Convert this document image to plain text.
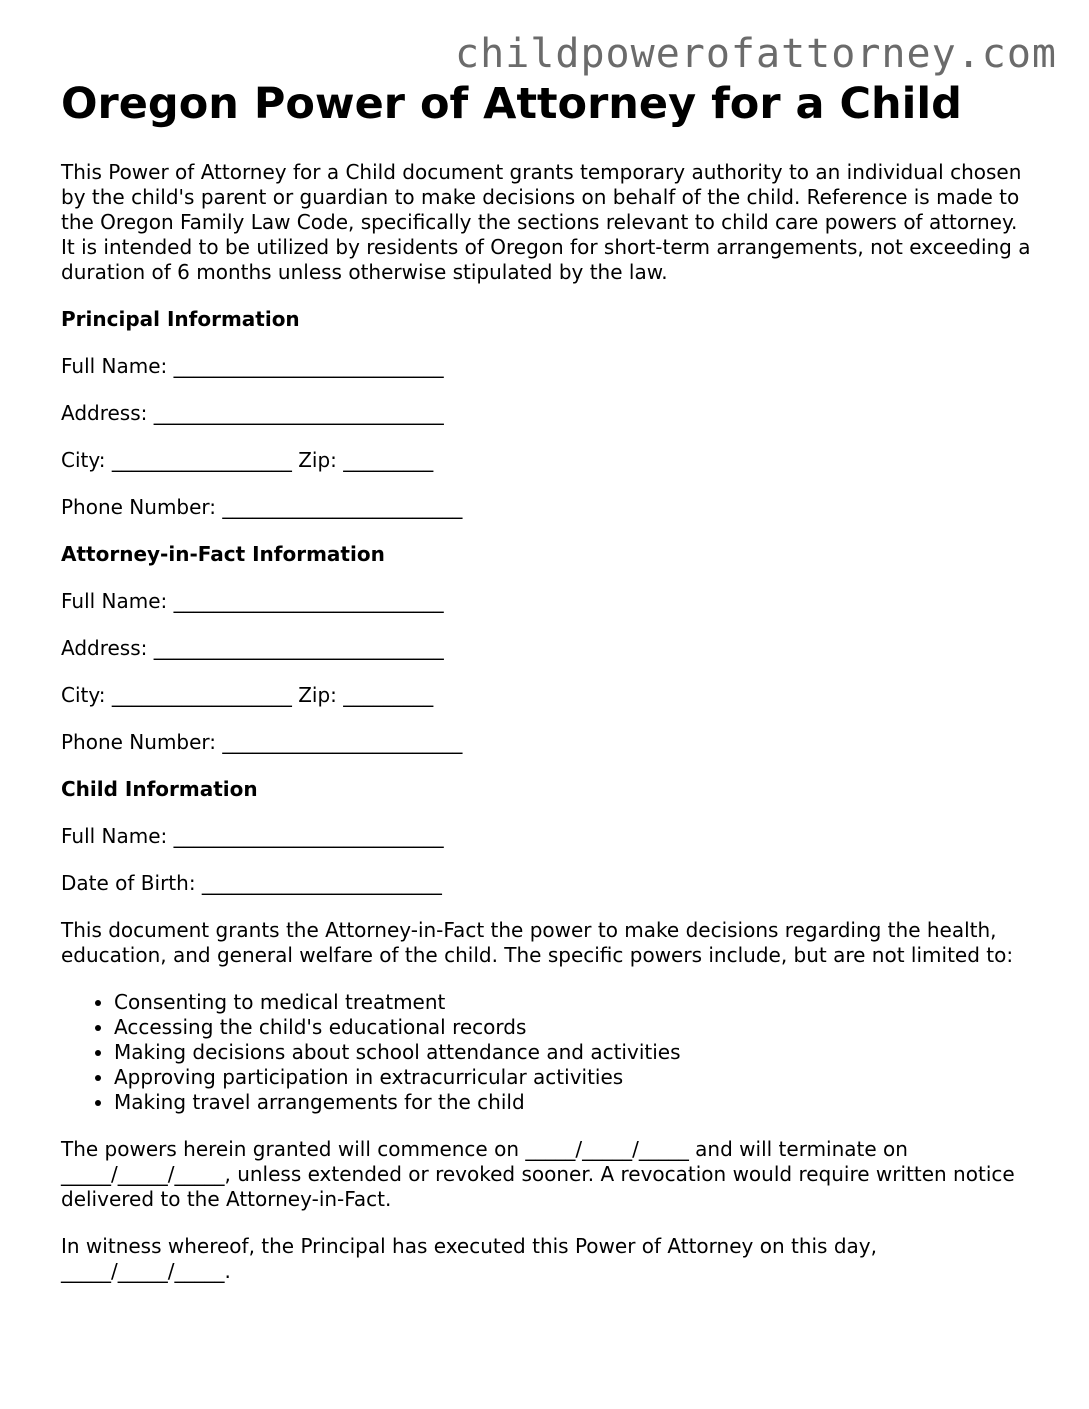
childpowerofattorney.com
Oregon Power of Attorney for a Child

This Power of Attorney for a Child document grants temporary authority to an individual chosen by the child's parent or guardian to make decisions on behalf of the child. Reference is made to the Oregon Family Law Code, specifically the sections relevant to child care powers of attorney. It is intended to be utilized by residents of Oregon for short-term arrangements, not exceeding a duration of 6 months unless otherwise stipulated by the law.

Principal Information

Full Name: ___________________________

Address: _____________________________

City: __________________ Zip: _________

Phone Number: ________________________

Attorney-in-Fact Information

Full Name: ___________________________

Address: _____________________________

City: __________________ Zip: _________

Phone Number: ________________________

Child Information

Full Name: ___________________________

Date of Birth: ________________________

This document grants the Attorney-in-Fact the power to make decisions regarding the health, education, and general welfare of the child. The specific powers include, but are not limited to:

• Consenting to medical treatment
• Accessing the child's educational records
• Making decisions about school attendance and activities
• Approving participation in extracurricular activities
• Making travel arrangements for the child

The powers herein granted will commence on _____/_____/_____ and will terminate on _____/_____/_____, unless extended or revoked sooner. A revocation would require written notice delivered to the Attorney-in-Fact.

In witness whereof, the Principal has executed this Power of Attorney on this day, _____/_____/_____.
